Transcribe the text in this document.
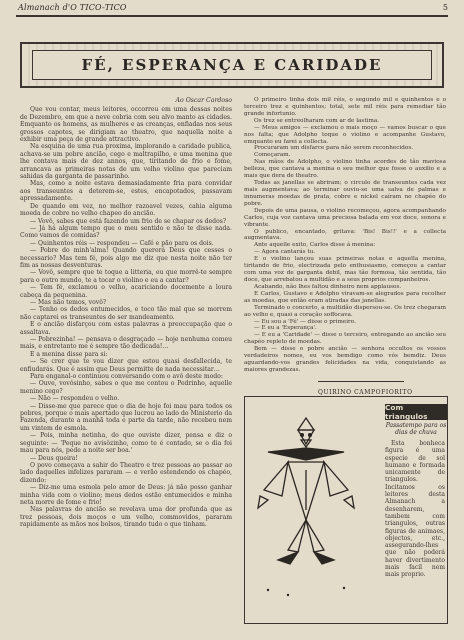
Almanach d'O TICO-TICO	5
FÉ, ESPERANÇA E CARIDADE
Ao Oscar Cardoso

Que vou contar, meus leitores, occorreu em uma dessas noites de Dezembro, em que a neve cobria com seu alvo manto as cidades. Emquanto os homens, as mulheres e as creanças, enfiadas nos seus grossos capotes, se dirigiam ao theatro, que naquella noite a exhibir uma peça de grande attractivo.

Na esquina de uma rua proxima, implorando a caridade publica, achava-se um pobre ancião, cego e maltrapilho, e uma menina que lhe contava mais de dez annos, que, tiritando de frio e fome, arrancava as primeiras notas de um velho violino que pareciam sahidas da garganta de passarinho.

Mas, como a noite estava demasiadamente fria para convidar aos transeuntes a deterem-se, estes, encapotados, passavam apressadamente.

De quando em vez, no melhor razoavel vezes, cahia alguma moeda de cobre no velho chapeo do ancião.

— Vovô, sabes que está fazendo um frio de se chapar os dedos?

— Já há algum tempo que o meu sentido e não te disse nada. Como vamos de comidas?

— Quinhentos réis — respondeu — Café e pão para os dois.

— Pobre do minh'alma! Quando quererá Deus que cesses o necessario? Mas tem fé, pois algo me diz que nesta noite não ter fim as nossas desventuras.

— Vovô, sempre que te toque a litteria, eu que morrê-te sempre para o outro mundo, te a tocar o violino e eu a cantar?

— Tem fé, exclamou o velho, acariciando docemente a loura cabeça da pequenina.

— Mas não temos, vovô?

— Tenho os dedos entumecidos, e toco tão mal que se morrem não captarei os transeuntes de ser mandeamento.

E o ancião disfarçou com estas palavras a preoccupação que o assaltava.

— Pobrezinha! — pensava o desgraçado — hoje nenhuma comeu mais, e entretanto me é sempre tão dedicada!…

E a menina disse para si:

— Se crer que te vou dizer que estou quasi desfallecida, te enfiudarás. Que é assim que Deus permitte de nada necessitar…

Para enganal-o continuou conversando com o avô deste modo:

— Ouve, vovôsinho, sabes o que me contou o Pedrinho, aquelle menino cego?

— Não — respondeu o velho.

— Disse-me que parece que o dia de hoje foi mau para todos os pobres, porque o mais apertado que lucrou ao lado do Ministerio da Fazenda, durante a manhã toda e parte da tarde, não recebeu nem um vintem de esmola.

— Pois, minha netinha, do que ouviste dizer, pensa e diz o seguinte: — 'Peque no avisôzinho, como te é contado, se o dia foi mau para nós, pede a noite ser boa.'

— Deus queira!

O povo começava a sahir do Theatro e trez pessoas ao passar ao lado daquelles infelizes pararam — e verão estendendo os chapéo, dizendo:

— Diz-me uma esmola pelo amor de Deus: já não posso ganhar minha vida com o violino; meus dedos estão entumecidos e minha neta morre de fome e frio!

Nas palavras do ancião se revelava uma dor profunda que as trez pessoas, dois moços e um velho, commovidos, pararam rapidamente as mãos nos bolsos, tirando tudo o que tinham.

O primeiro tinha dois mil réis, o segundo mil e quinhentos e o terceiro trez e quinhentos; total, sete mil réis para remediar tão grande infortunio.

Os trez se entreolharam com ar de lastima.

— Meus amigos — exclamou o mais moço — vamos buscar o que nos falta; que Adolpho toque o violino e acompanhe Gustavo, emquanto eu farei a collecta.

Procuraram um disfarce para não serem reconhecidos.

Começaram.

Nas mãos de Adolpho, o violino tinha acordes de tão maviosa belleza, que cantava a menina o seu melhor que fosse o auxilio e a mais que dera de theatro.

Todas as janellas se abriram; o circulo de transeuntes cada vez mais augmentava; ao terminar ouviu-se uma salva de palmas e innumeras moedas de prata, cobre e nickel caíram no chapéo do pobre.

Depois de uma pausa, o violino recomeçou, agora acompanhando Carlos, cuja voz cantava uma preciosa balada em voz doce, sonora e vibrante.

O publico, encantado, gritava: 'Bis! Bis!!' e a collecta augmentava.

Ante aquelle exito, Carlos disse á menina:

— Agora cantarás tu.

E o violino lançou suas primeiras notas e aquella menina, tiritando de frio, electrizada pelo enthusiasmo, começou a cantar com uma voz de garganta debil, mas tão formosa, tão sentida, tão doce, que arrebatou a multidão e a seus proprios companheiros.

Acabando, não lhes faltou dinheiro nem applausos.

E Carlos, Gustavo e Adolpho viravam-se alegrados para recolher as moedas, que então eram atiradas das janellas.

Terminado o concerto, a multidão dispersou-se. Os trez chegaram ao velho e, quasi a coração soffocava.

— Eu sou a 'Fé' — disse o primeiro.

— E eu a 'Esperança'.

— E eu a 'Caridade' — disse o terceiro, entregando ao ancião seu chapéo repleto de moedas.

Bem — disse o pobre ancião — senhora occultos os vossos verdadeiros nomes, eu vos bemdigo como vós bemdiz. Deus aguardando-vos grandes felicidades na vida, conquistando as maiores grandezas.

QUIRINO CAMPOFIORITO
Com triangulos
Passatempo para os dias de chuva

Esta bonheca figura é uma especie de sol humano e formada unicamente de triangulos. Incitamos os leitores desta Almanach a desenharem, tambem com triangulos, outras figuras de animaes, objectos, etc., assegurando-lhes que não poderá haver divertimento mais facil nem mais proprio.
